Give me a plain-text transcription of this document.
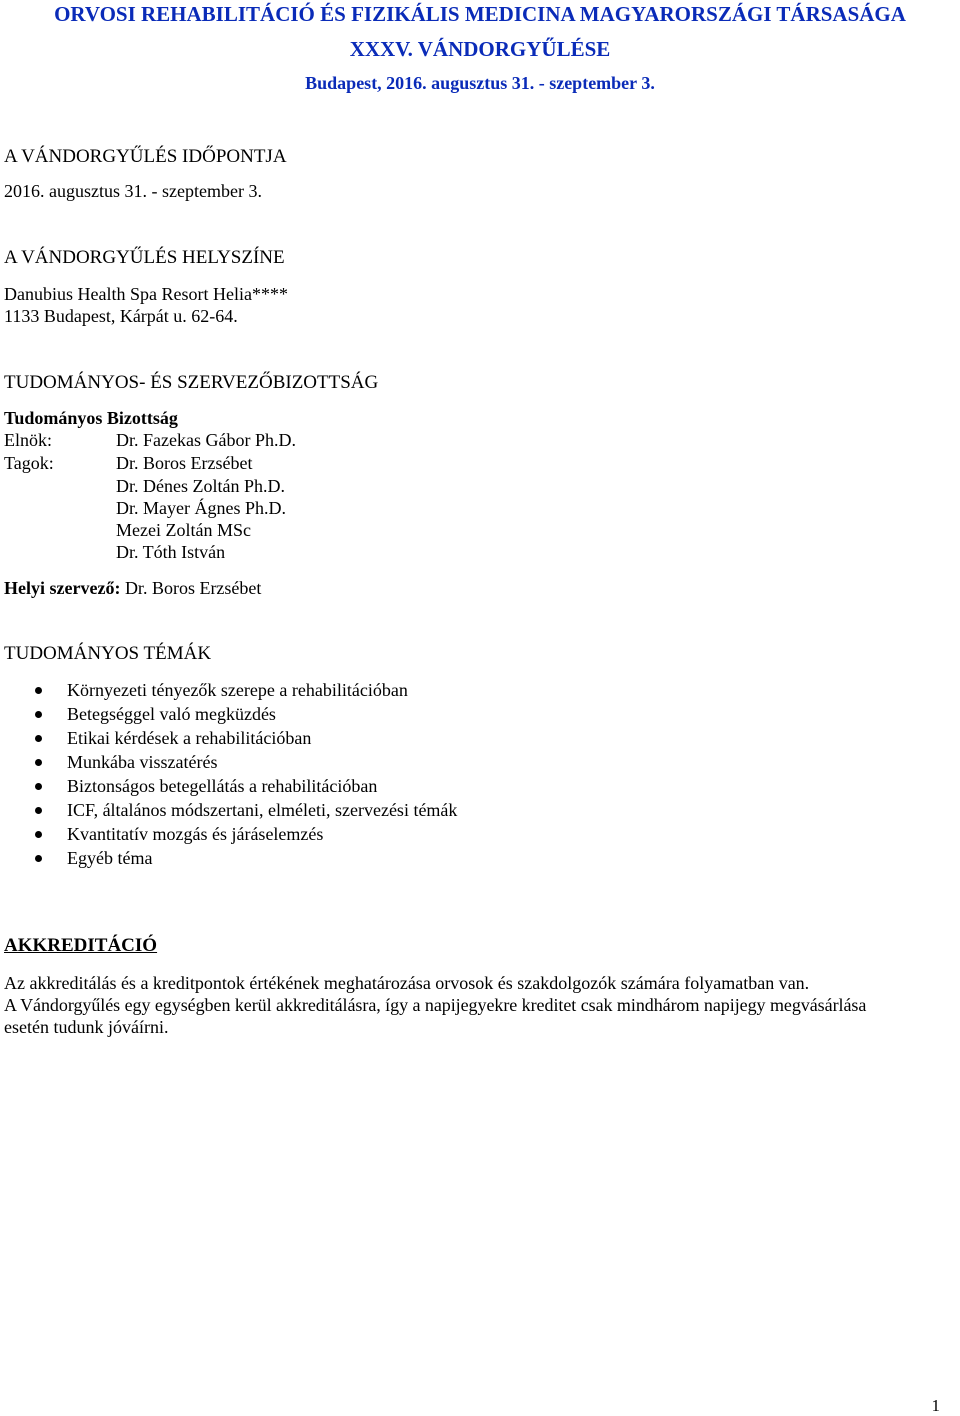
ORVOSI REHABILITÁCIÓ ÉS FIZIKÁLIS MEDICINA MAGYARORSZÁGI TÁRSASÁGA
XXXV. VÁNDORGYŰLÉSE
Budapest, 2016. augusztus 31. - szeptember 3.
A VÁNDORGYŰLÉS IDŐPONTJA
2016. augusztus 31. - szeptember 3.
A VÁNDORGYŰLÉS HELYSZÍNE
Danubius Health Spa Resort Helia****
1133 Budapest, Kárpát u. 62-64.
TUDOMÁNYOS- ÉS SZERVEZŐBIZOTTSÁG
Tudományos Bizottság
Elnök:	Dr. Fazekas Gábor Ph.D.
Tagok:	Dr. Boros Erzsébet
Dr. Dénes Zoltán Ph.D.
Dr. Mayer Ágnes Ph.D.
Mezei Zoltán MSc
Dr. Tóth István
Helyi szervező: Dr. Boros Erzsébet
TUDOMÁNYOS TÉMÁK
Környezeti tényezők szerepe a rehabilitációban
Betegséggel való megküzdés
Etikai kérdések a rehabilitációban
Munkába visszatérés
Biztonságos betegellátás a rehabilitációban
ICF, általános módszertani, elméleti, szervezési témák
Kvantitatív mozgás és járáselemzés
Egyéb téma
AKKREDITÁCIÓ
Az akkreditálás és a kreditpontok értékének meghatározása orvosok és szakdolgozók számára folyamatban van.
A Vándorgyűlés egy egységben kerül akkreditálásra, így a napijegyekre kreditet csak mindhárom napijegy megvásárlása
esetén tudunk jóváírni.
1
